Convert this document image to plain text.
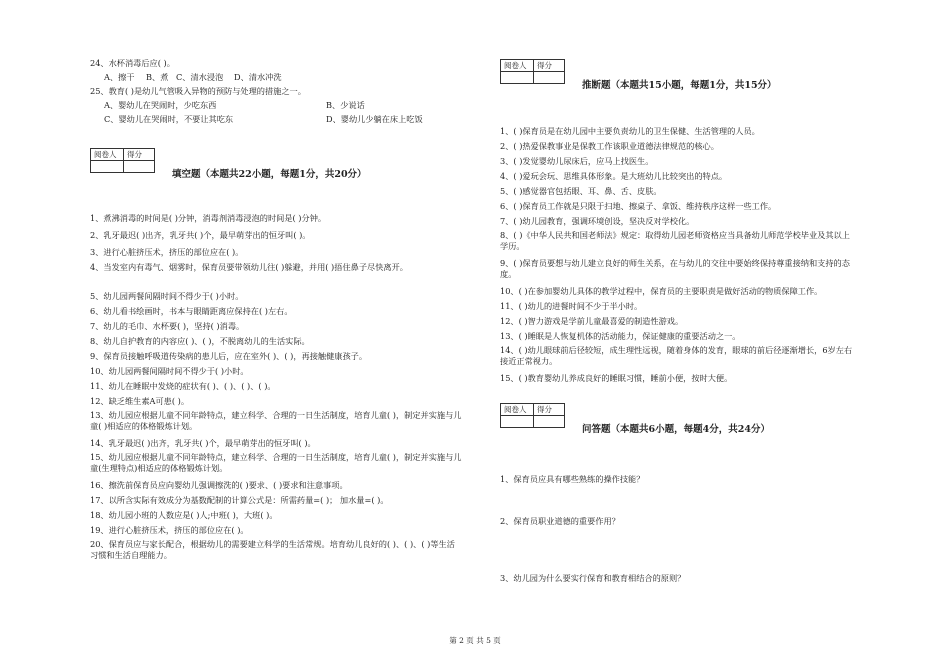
24、水杯消毒后应( )。
A、擦干 B、煮 C、清水浸泡 D、清水冲洗
25、教育( )是幼儿气管吸入异物的预防与处理的措施之一。
A、婴幼儿在哭闹时，少吃东西	B、少说话
C、婴幼儿在哭闹时，不要让其吃东	D、婴幼儿少躺在床上吃饭
阅卷人	得分

填空题（本题共22小题，每题1分，共20分）
1、煮沸消毒的时间是( )分钟，消毒剂消毒浸泡的时间是( )分钟。
2、乳牙最迟( )出齐，乳牙共( )个，最早萌芽出的恒牙叫( )。
3、进行心脏挤压术，挤压的部位应在( )。
4、当发室内有毒气、烟雾时，保育员要带领幼儿往( )躲避，并用( )捂住鼻子尽快离开。
5、幼儿园两餐间隔时间不得少于( )小时。
6、幼儿看书绘画时，书本与眼睛距离应保持在( )左右。
7、幼儿的毛巾、水杯要( )，坚持( )消毒。
8、幼儿自护教育的内容应( )、( )，不脱离幼儿的生活实际。
9、保育员接触呼吸道传染病的患儿后，应在室外( )、( )，再接触健康孩子。
10、幼儿园两餐间隔时间不得少于( )小时。
11、幼儿在睡眠中发烧的症状有( )、( )、( )、( )。
12、缺乏维生素A可患( )。
13、幼儿园应根据儿童不同年龄特点，建立科学、合理的一日生活制度，培育儿童( )，制定并实施与儿童( )相适应的体格锻炼计划。
14、乳牙最迟( )出齐，乳牙共( )个，最早萌芽出的恒牙叫( )。
15、幼儿园应根据儿童不同年龄特点，建立科学、合理的一日生活制度，培育儿童( )，制定并实施与儿童(生理特点)相适应的体格锻炼计划。
16、擦洗前保育员应向婴幼儿强调擦洗的( )要求、( )要求和注意事项。
17、以所含实际有效成分为基数配制的计算公式是：所需药量=( )； 加水量=( )。
18、幼儿园小班的人数应是( )人;中班( )，大班( )。
19、进行心脏挤压术，挤压的部位应在( )。
20、保育员应与家长配合，根据幼儿的需要建立科学的生活常规。培育幼儿良好的( )、( )、( )等生活习惯和生活自理能力。
阅卷人	得分

推断题（本题共15小题，每题1分，共15分）
1、( )保育员是在幼儿园中主要负责幼儿的卫生保健、生活管理的人员。
2、( )热爱保教事业是保教工作该职业道德法律规范的核心。
3、( )发觉婴幼儿尿床后，应马上找医生。
4、( )爱玩会玩、思维具体形象。是大班幼儿比较突出的特点。
5、( )感觉器官包括眼、耳、鼻、舌、皮肤。
6、( )保育员工作就是只限于扫地、擦桌子、拿饭、维持秩序这样一些工作。
7、( )幼儿园教育，强调环境创设，坚决反对学校化。
8、( )《中华人民共和国老师法》规定：取得幼儿园老师资格应当具备幼儿师范学校毕业及其以上学历。
9、( )保育员要想与幼儿建立良好的师生关系，在与幼儿的交往中要始终保持尊重接纳和支持的态度。
10、( )在参加婴幼儿具体的教学过程中，保育员的主要职责是做好活动的物质保障工作。
11、( )幼儿的进餐时间不少于半小时。
12、( )智力游戏是学前儿童最喜爱的制造性游戏。
13、( )睡眠是人恢复机体的活动能力，保证健康的重要活动之一。
14、( )幼儿眼球前后径较短，成生理性远视，随着身体的发育，眼球的前后径逐渐增长，6岁左右接近正常视力。
15、( )教育婴幼儿养成良好的睡眠习惯，睡前小便，按时大便。
阅卷人	得分

问答题（本题共6小题，每题4分，共24分）
1、保育员应具有哪些熟练的操作技能？
2、保育员职业道德的重要作用？
3、幼儿园为什么要实行保育和教育相结合的原则？
第 2 页 共 5 页
